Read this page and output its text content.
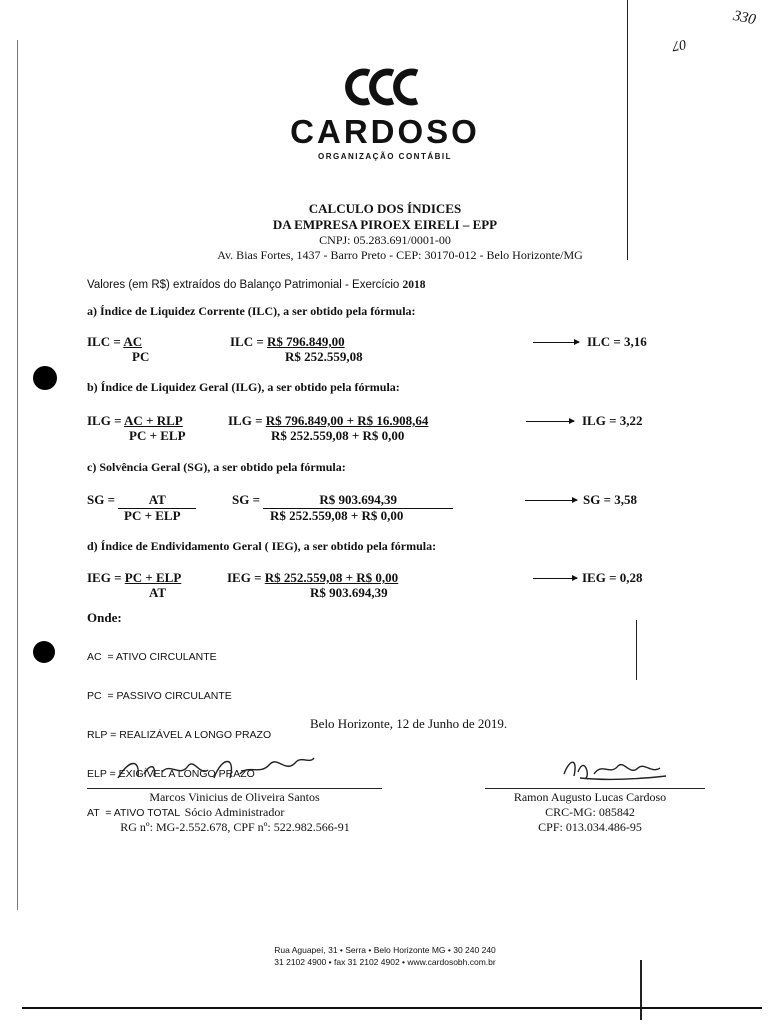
330
07
CARDOSO
ORGANIZAÇÃO CONTÁBIL
CALCULO DOS ÍNDICES
DA EMPRESA PIROEX EIRELI – EPP
CNPJ: 05.283.691/0001-00
Av. Bias Fortes, 1437 - Barro Preto - CEP: 30170-012 - Belo Horizonte/MG
Valores (em R$) extraídos do Balanço Patrimonial - Exercício 2018
a) Índice de Liquidez Corrente (ILC), a ser obtido pela fórmula:
ILC = AC
PC
ILC = R$ 796.849,00
R$ 252.559,08
ILC = 3,16
b) Índice de Liquidez Geral (ILG), a ser obtido pela fórmula:
ILG = AC + RLP
PC + ELP
ILG = R$ 796.849,00 + R$ 16.908,64
R$ 252.559,08 + R$ 0,00
ILG = 3,22
c) Solvência Geral (SG), a ser obtido pela fórmula:
SG = AT
PC + ELP
SG =	R$ 903.694,39
R$ 252.559,08 + R$ 0,00
SG = 3,58
d) Índice de Endividamento Geral ( IEG), a ser obtido pela fórmula:
IEG = PC + ELP
AT
IEG = R$ 252.559,08 + R$ 0,00
R$ 903.694,39
IEG = 0,28
Onde:

AC  = ATIVO CIRCULANTE

PC  = PASSIVO CIRCULANTE

RLP = REALIZÁVEL A LONGO PRAZO

ELP = EXIGÍVEL A LONGO PRAZO

AT  = ATIVO TOTAL

Belo Horizonte, 12 de Junho de 2019.
Marcos Vinicius de Oliveira Santos
Sócio Administrador
RG nº: MG-2.552.678, CPF nº: 522.982.566-91
Ramon Augusto Lucas Cardoso
CRC-MG: 085842
CPF: 013.034.486-95
Rua Aguapeí, 31 • Serra • Belo Horizonte MG • 30 240 240
31 2102 4900 • fax 31 2102 4902 • www.cardosobh.com.br
